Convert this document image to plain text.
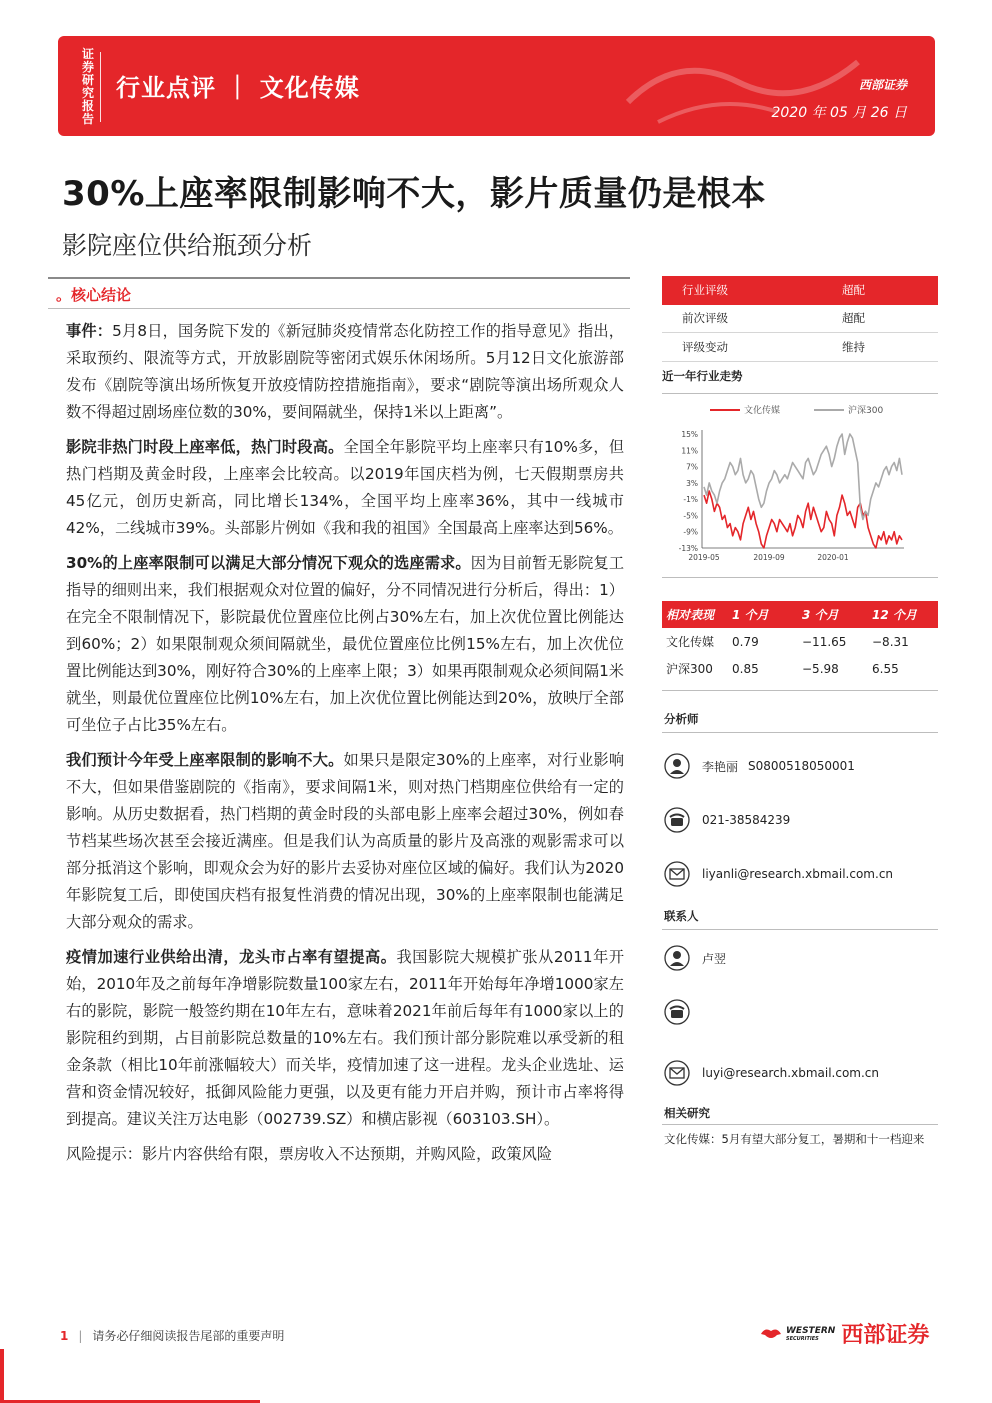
证券研究报告
行业点评 ｜ 文化传媒	西部证券
2020 年 05 月 26 日
30%上座率限制影响不大，影片质量仍是根本
影院座位供给瓶颈分析
。核心结论

事件：5月8日，国务院下发的《新冠肺炎疫情常态化防控工作的指导意见》指出，采取预约、限流等方式，开放影剧院等密闭式娱乐休闲场所。5月12日文化旅游部发布《剧院等演出场所恢复开放疫情防控措施指南》，要求“剧院等演出场所观众人数不得超过剧场座位数的30%，要间隔就坐，保持1米以上距离”。

影院非热门时段上座率低，热门时段高。全国全年影院平均上座率只有10%多，但热门档期及黄金时段，上座率会比较高。以2019年国庆档为例，七天假期票房共45亿元，创历史新高，同比增长134%，全国平均上座率36%，其中一线城市42%，二线城市39%。头部影片例如《我和我的祖国》全国最高上座率达到56%。

30%的上座率限制可以满足大部分情况下观众的选座需求。因为目前暂无影院复工指导的细则出来，我们根据观众对位置的偏好，分不同情况进行分析后，得出：1）在完全不限制情况下，影院最优位置座位比例占30%左右，加上次优位置比例能达到60%；2）如果限制观众须间隔就坐，最优位置座位比例15%左右，加上次优位置比例能达到30%，刚好符合30%的上座率上限；3）如果再限制观众必须间隔1米就坐，则最优位置座位比例10%左右，加上次优位置比例能达到20%，放映厅全部可坐位子占比35%左右。

我们预计今年受上座率限制的影响不大。如果只是限定30%的上座率，对行业影响不大，但如果借鉴剧院的《指南》，要求间隔1米，则对热门档期座位供给有一定的影响。从历史数据看，热门档期的黄金时段的头部电影上座率会超过30%，例如春节档某些场次甚至会接近满座。但是我们认为高质量的影片及高涨的观影需求可以部分抵消这个影响，即观众会为好的影片去妥协对座位区域的偏好。我们认为2020年影院复工后，即使国庆档有报复性消费的情况出现，30%的上座率限制也能满足大部分观众的需求。

疫情加速行业供给出清，龙头市占率有望提高。我国影院大规模扩张从2011年开始，2010年及之前每年净增影院数量100家左右，2011年开始每年净增1000家左右的影院，影院一般签约期在10年左右，意味着2021年前后每年有1000家以上的影院租约到期，占目前影院总数量的10%左右。我们预计部分影院难以承受新的租金条款（相比10年前涨幅较大）而关毕，疫情加速了这一进程。龙头企业选址、运营和资金情况较好，抵御风险能力更强，以及更有能力开启并购，预计市占率将得到提高。建议关注万达电影（002739.SZ）和横店影视（603103.SH）。

风险提示：影片内容供给有限，票房收入不达预期，并购风险，政策风险

行业评级	超配
前次评级	超配
评级变动	维持
近一年行业走势
文化传媒	沪深300
15%
11%
7%
3%
-1%
-5%
-9%
-13%
2019-05	2019-09	2020-01
相对表现	1 个月	3 个月	12 个月
文化传媒	0.79	−11.65	−8.31
沪深300	0.85	−5.98	6.55
分析师
李艳丽 S0800518050001
021-38584239
liyanli@research.xbmail.com.cn
联系人
卢翌
luyi@research.xbmail.com.cn
相关研究
文化传媒：5月有望大部分复工，暑期和十一档迎来
1 | 请务必仔细阅读报告尾部的重要声明	WESTERN
SECURITIES	西部证券
